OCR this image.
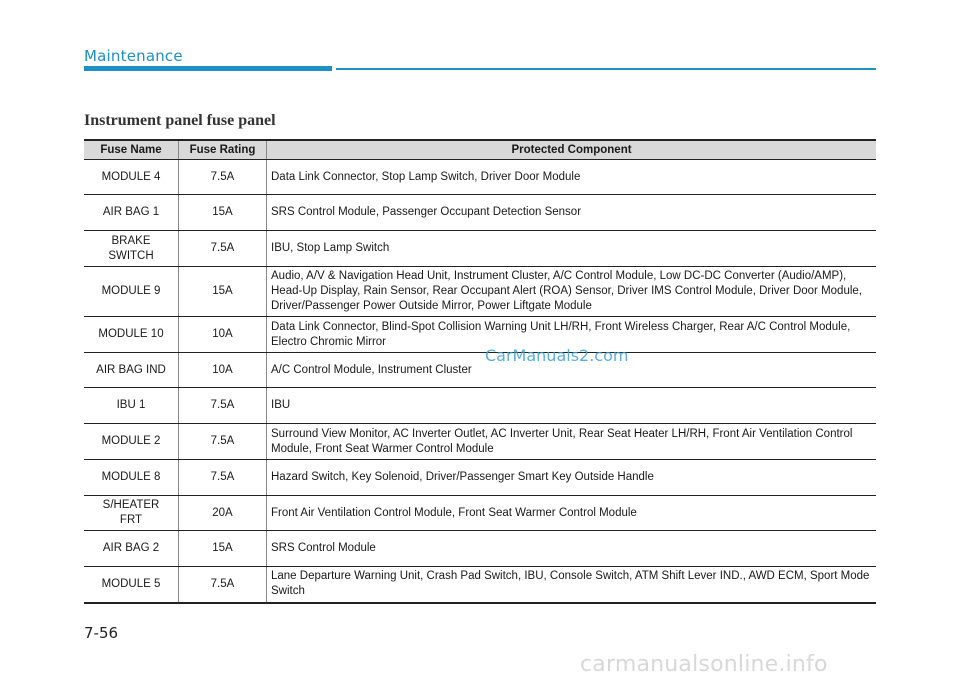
Maintenance
Instrument panel fuse panel
Fuse Name	Fuse Rating	Protected Component
MODULE 4	7.5A	Data Link Connector, Stop Lamp Switch, Driver Door Module
AIR BAG 1	15A	SRS Control Module, Passenger Occupant Detection Sensor
BRAKE SWITCH	7.5A	IBU, Stop Lamp Switch
MODULE 9	15A	Audio, A/V & Navigation Head Unit, Instrument Cluster, A/C Control Module, Low DC-DC Converter (Audio/AMP), Head-Up Display, Rain Sensor, Rear Occupant Alert (ROA) Sensor, Driver IMS Control Module, Driver Door Module, Driver/Passenger Power Outside Mirror, Power Liftgate Module
MODULE 10	10A	Data Link Connector, Blind-Spot Collision Warning Unit LH/RH, Front Wireless Charger, Rear A/C Control Module, Electro Chromic Mirror
AIR BAG IND	10A	A/C Control Module, Instrument Cluster
IBU 1	7.5A	IBU
MODULE 2	7.5A	Surround View Monitor, AC Inverter Outlet, AC Inverter Unit, Rear Seat Heater LH/RH, Front Air Ventilation Control Module, Front Seat Warmer Control Module
MODULE 8	7.5A	Hazard Switch, Key Solenoid, Driver/Passenger Smart Key Outside Handle
S/HEATER FRT	20A	Front Air Ventilation Control Module, Front Seat Warmer Control Module
AIR BAG 2	15A	SRS Control Module
MODULE 5	7.5A	Lane Departure Warning Unit, Crash Pad Switch, IBU, Console Switch, ATM Shift Lever IND., AWD ECM, Sport Mode Switch
CarManuals2.com
7-56
carmanualsonline.info
